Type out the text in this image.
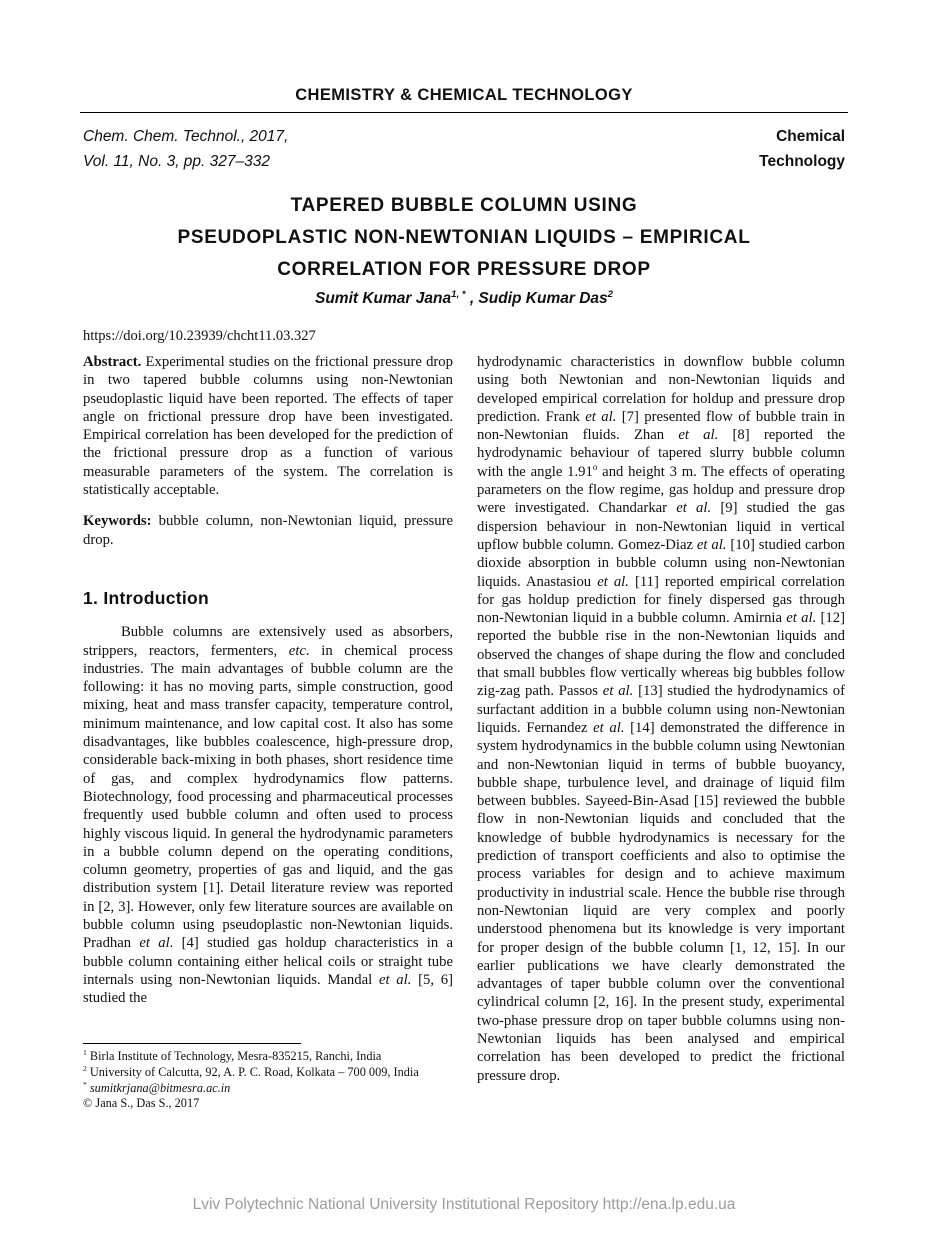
CHEMISTRY & CHEMICAL TECHNOLOGY
Chem. Chem. Technol., 2017,
Vol. 11, No. 3, pp. 327–332
Chemical
Technology
TAPERED BUBBLE COLUMN USING
PSEUDOPLASTIC NON-NEWTONIAN LIQUIDS – EMPIRICAL
CORRELATION FOR PRESSURE DROP
Sumit Kumar Jana$^{1, *}$ , Sudip Kumar Das$^2$
https://doi.org/10.23939/chcht11.03.327

Abstract. Experimental studies on the frictional pressure drop in two tapered bubble columns using non-Newtonian pseudoplastic liquid have been reported. The effects of taper angle on frictional pressure drop have been investigated. Empirical correlation has been developed for the prediction of the frictional pressure drop as a function of various measurable parameters of the system. The correlation is statistically acceptable.

Keywords: bubble column, non-Newtonian liquid, pressure drop.

1. Introduction

Bubble columns are extensively used as absorbers, strippers, reactors, fermenters, etc. in chemical process industries. The main advantages of bubble column are the following: it has no moving parts, simple construction, good mixing, heat and mass transfer capacity, temperature control, minimum maintenance, and low capital cost. It also has some disadvantages, like bubbles coalescence, high-pressure drop, considerable back-mixing in both phases, short residence time of gas, and complex hydrodynamics flow patterns. Biotechnology, food processing and pharmaceutical processes frequently used bubble column and often used to process highly viscous liquid. In general the hydrodynamic parameters in a bubble column depend on the operating conditions, column geometry, properties of gas and liquid, and the gas distribution system [1]. Detail literature review was reported in [2, 3]. However, only few literature sources are available on bubble column using pseudoplastic non-Newtonian liquids. Pradhan et al. [4] studied gas holdup characteristics in a bubble column containing either helical coils or straight tube internals using non-Newtonian liquids. Mandal et al. [5, 6] studied the

hydrodynamic characteristics in downflow bubble column using both Newtonian and non-Newtonian liquids and developed empirical correlation for holdup and pressure drop prediction. Frank et al. [7] presented flow of bubble train in non-Newtonian fluids. Zhan et al. [8] reported the hydrodynamic behaviour of tapered slurry bubble column with the angle 1.91$^o$ and height 3 m. The effects of operating parameters on the flow regime, gas holdup and pressure drop were investigated. Chandarkar et al. [9] studied the gas dispersion behaviour in non-Newtonian liquid in vertical upflow bubble column. Gomez-Diaz et al. [10] studied carbon dioxide absorption in bubble column using non-Newtonian liquids. Anastasiou et al. [11] reported empirical correlation for gas holdup prediction for finely dispersed gas through non-Newtonian liquid in a bubble column. Amirnia et al. [12] reported the bubble rise in the non-Newtonian liquids and observed the changes of shape during the flow and concluded that small bubbles flow vertically whereas big bubbles follow zig-zag path. Passos et al. [13] studied the hydrodynamics of surfactant addition in a bubble column using non-Newtonian liquids. Fernandez et al. [14] demonstrated the difference in system hydrodynamics in the bubble column using Newtonian and non-Newtonian liquid in terms of bubble buoyancy, bubble shape, turbulence level, and drainage of liquid film between bubbles. Sayeed-Bin-Asad [15] reviewed the bubble flow in non-Newtonian liquids and concluded that the knowledge of bubble hydrodynamics is necessary for the prediction of transport coefficients and also to optimise the process variables for design and to achieve maximum productivity in industrial scale. Hence the bubble rise through non-Newtonian liquid are very complex and poorly understood phenomena but its knowledge is very important for proper design of the bubble column [1, 12, 15]. In our earlier publications we have clearly demonstrated the advantages of taper bubble column over the conventional cylindrical column [2, 16]. In the present study, experimental two-phase pressure drop on taper bubble columns using non-Newtonian liquids has been analysed and empirical correlation has been developed to predict the frictional pressure drop.

$^1$ Birla Institute of Technology, Mesra-835215, Ranchi, India

$^2$ University of Calcutta, 92, A. P. C. Road, Kolkata – 700 009, India

* sumitkrjana@bitmesra.ac.in

© Jana S., Das S., 2017

Lviv Polytechnic National University Institutional Repository http://ena.lp.edu.ua
